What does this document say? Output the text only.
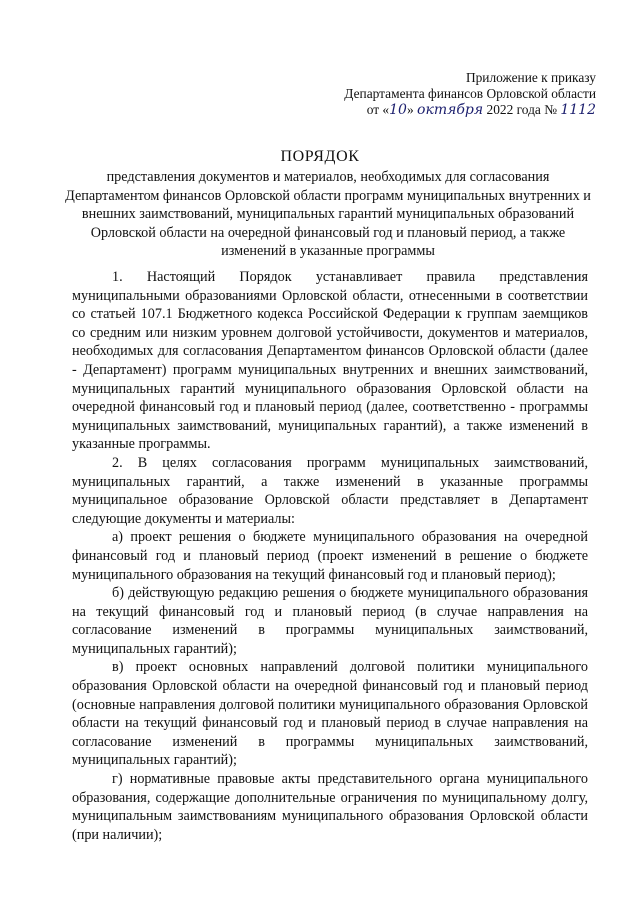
Приложение к приказу
Департамента финансов Орловской области
от «10» октября 2022 года № 1112
ПОРЯДОК
представления документов и материалов, необходимых для согласования Департаментом финансов Орловской области программ муниципальных внутренних и внешних заимствований, муниципальных гарантий муниципальных образований Орловской области на очередной финансовый год и плановый период, а также изменений в указанные программы

1. Настоящий Порядок устанавливает правила представления муниципальными образованиями Орловской области, отнесенными в соответствии со статьей 107.1 Бюджетного кодекса Российской Федерации к группам заемщиков со средним или низким уровнем долговой устойчивости, документов и материалов, необходимых для согласования Департаментом финансов Орловской области (далее - Департамент) программ муниципальных внутренних и внешних заимствований, муниципальных гарантий муниципального образования Орловской области на очередной финансовый год и плановый период (далее, соответственно - программы муниципальных заимствований, муниципальных гарантий), а также изменений в указанные программы.

2. В целях согласования программ муниципальных заимствований, муниципальных гарантий, а также изменений в указанные программы муниципальное образование Орловской области представляет в Департамент следующие документы и материалы:

а) проект решения о бюджете муниципального образования на очередной финансовый год и плановый период (проект изменений в решение о бюджете муниципального образования на текущий финансовый год и плановый период);

б) действующую редакцию решения о бюджете муниципального образования на текущий финансовый год и плановый период (в случае направления на согласование изменений в программы муниципальных заимствований, муниципальных гарантий);

в) проект основных направлений долговой политики муниципального образования Орловской области на очередной финансовый год и плановый период (основные направления долговой политики муниципального образования Орловской области на текущий финансовый год и плановый период в случае направления на согласование изменений в программы муниципальных заимствований, муниципальных гарантий);

г) нормативные правовые акты представительного органа муниципального образования, содержащие дополнительные ограничения по муниципальному долгу, муниципальным заимствованиям муниципального образования Орловской области (при наличии);
